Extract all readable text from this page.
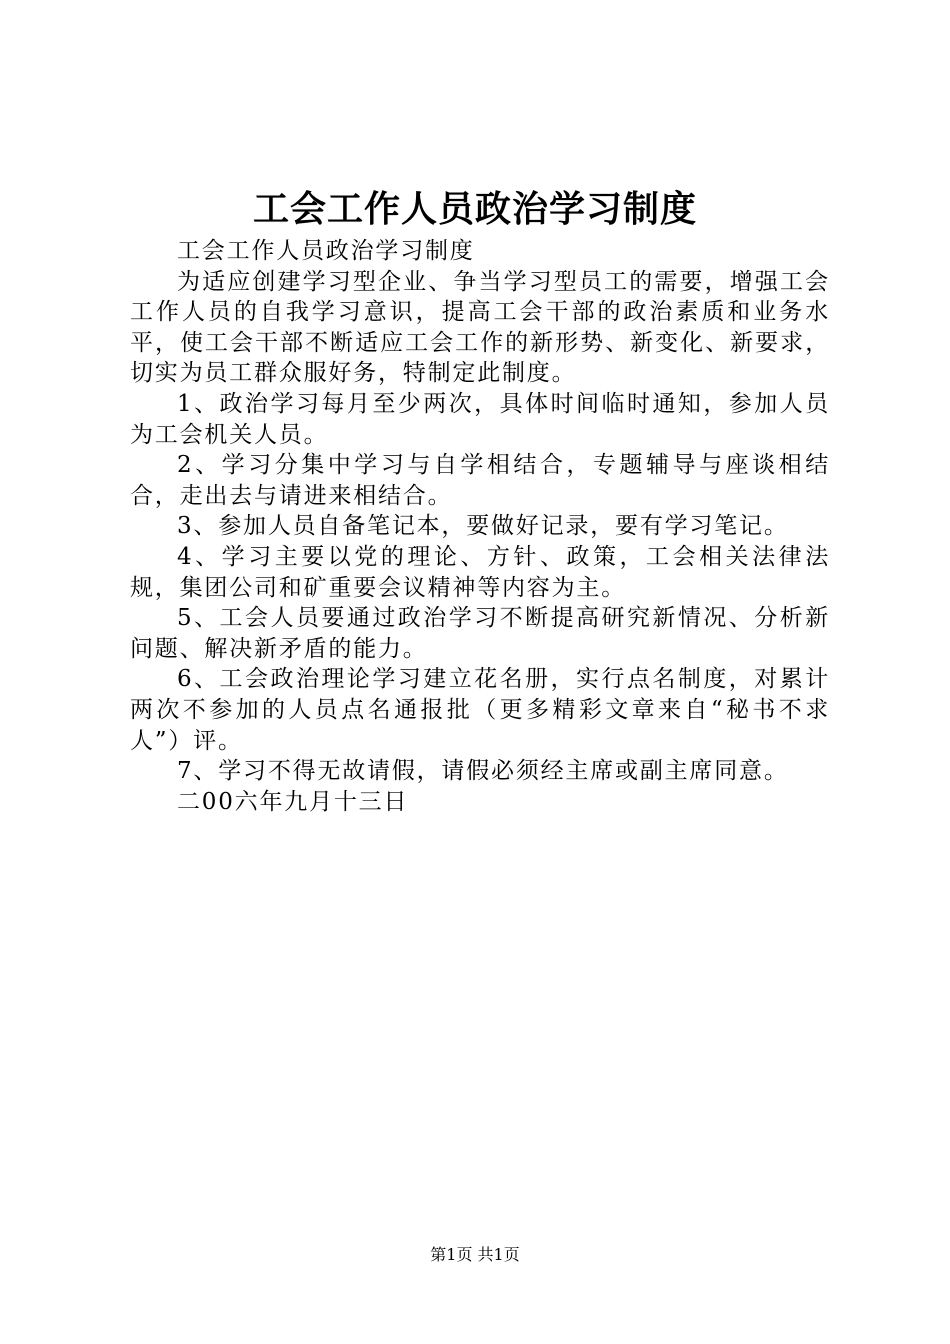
工会工作人员政治学习制度

工会工作人员政治学习制度

为适应创建学习型企业、争当学习型员工的需要，增强工会工作人员的自我学习意识，提高工会干部的政治素质和业务水平，使工会干部不断适应工会工作的新形势、新变化、新要求，切实为员工群众服好务，特制定此制度。

1、政治学习每月至少两次，具体时间临时通知，参加人员为工会机关人员。

2、学习分集中学习与自学相结合，专题辅导与座谈相结合，走出去与请进来相结合。

3、参加人员自备笔记本，要做好记录，要有学习笔记。

4、学习主要以党的理论、方针、政策，工会相关法律法规，集团公司和矿重要会议精神等内容为主。

5、工会人员要通过政治学习不断提高研究新情况、分析新问题、解决新矛盾的能力。

6、工会政治理论学习建立花名册，实行点名制度，对累计两次不参加的人员点名通报批（更多精彩文章来自“秘书不求人”）评。

7、学习不得无故请假，请假必须经主席或副主席同意。

二00六年九月十三日

第1页 共1页
